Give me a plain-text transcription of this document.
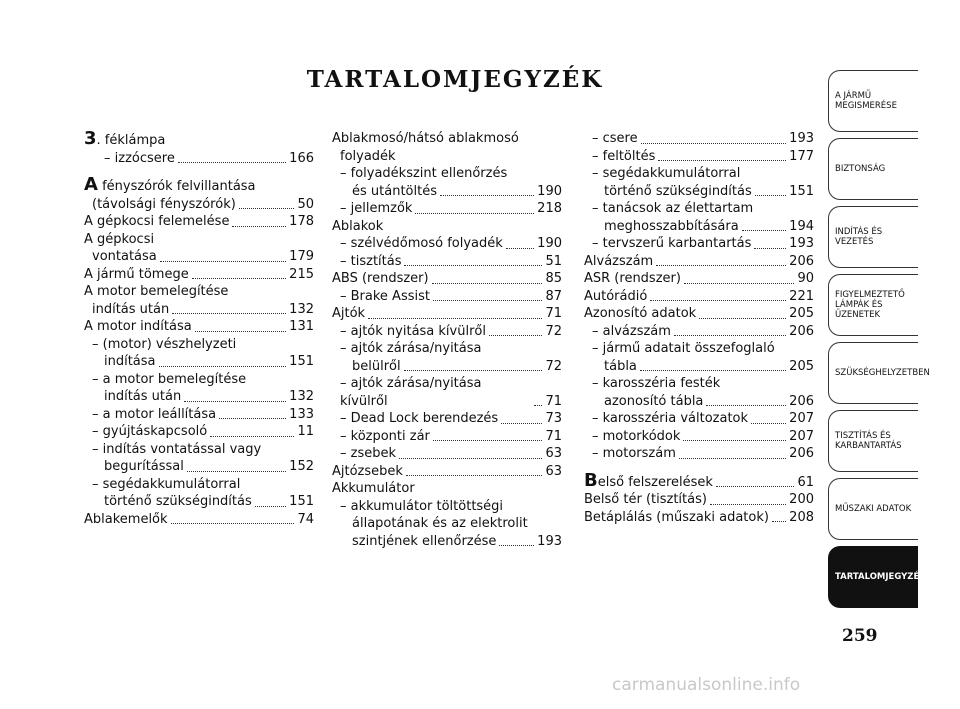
TARTALOMJEGYZÉK
3. féklámpa
– izzócsere	166
A fényszórók felvillantása
(távolsági fényszórók)	50
A gépkocsi felemelése	178
A gépkocsi
vontatása	179
A jármű tömege	215
A motor bemelegítése
indítás után	132
A motor indítása	131
– (motor) vészhelyzeti
indítása	151
– a motor bemelegítése
indítás után	132
– a motor leállítása	133
– gyújtáskapcsoló	11
– indítás vontatással vagy
begurítással	152
– segédakkumulátorral
történő szükségindítás	151
Ablakemelők	74
Ablakmosó/hátsó ablakmosó
folyadék
– folyadékszint ellenőrzés
és utántöltés	190
– jellemzők	218
Ablakok
– szélvédőmosó folyadék	190
– tisztítás	51
ABS (rendszer)	85
– Brake Assist	87
Ajtók	71
– ajtók nyitása kívülről	72
– ajtók zárása/nyitása
belülről	72
– ajtók zárása/nyitása kívülről	71
– Dead Lock berendezés	73
– központi zár	71
– zsebek	63
Ajtózsebek	63
Akkumulátor
– akkumulátor töltöttségi
állapotának és az elektrolit
szintjének ellenőrzése	193
– csere	193
– feltöltés	177
– segédakkumulátorral
történő szükségindítás	151
– tanácsok az élettartam
meghosszabbítására	194
– tervszerű karbantartás	193
Alvázszám	206
ASR (rendszer)	90
Autórádió	221
Azonosító adatok	205
– alvázszám	206
– jármű adatait összefoglaló
tábla	205
– karosszéria festék
azonosító tábla	206
– karosszéria változatok	207
– motorkódok	207
– motorszám	206
Belső felszerelések	61
Belső tér (tisztítás)	200
Betáplálás (műszaki adatok) 208
A JÁRMŰ MEGISMERÉSE
BIZTONSÁG
INDÍTÁS ÉS VEZETÉS
FIGYELMEZTETŐ LÁMPÁK ÉS ÜZENETEK
SZÜKSÉGHELYZETBEN
TISZTÍTÁS ÉS KARBANTARTÁS
MŰSZAKI ADATOK
TARTALOMJEGYZÉK
259
carmanualsonline.info
